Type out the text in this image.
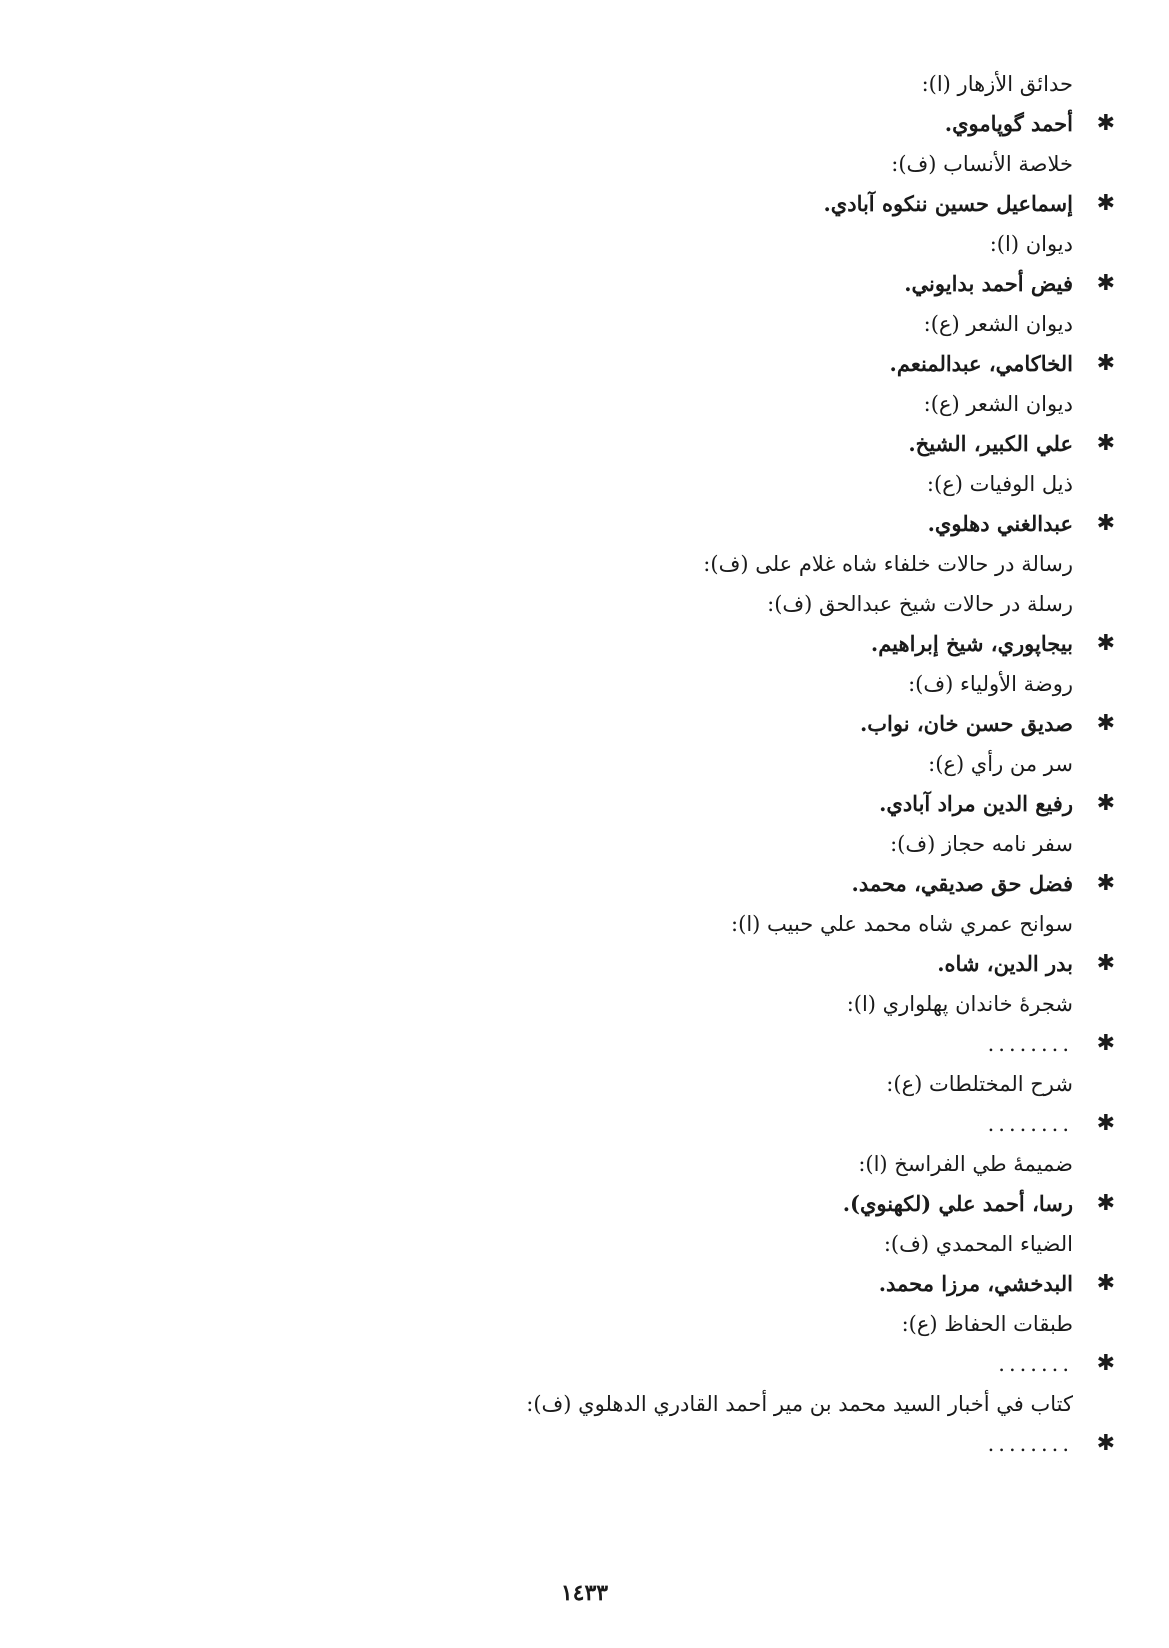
حدائق الأزهار (ا):
✱
أحمد گوپاموي.
خلاصة الأنساب (ف):
✱
إسماعيل حسين ننكوه آبادي.
ديوان (ا):
✱
فيض أحمد بدايوني.
ديوان الشعر (ع):
✱
الخاكامي، عبدالمنعم.
ديوان الشعر (ع):
✱
علي الكبير، الشيخ.
ذيل الوفيات (ع):
✱
عبدالغني دهلوي.
رسالة در حالات خلفاء شاه غلام على (ف):
رسلة در حالات شيخ عبدالحق (ف):
✱
بيجاپوري، شيخ إبراهيم.
روضة الأولياء (ف):
✱
صديق حسن خان، نواب.
سر من رأي (ع):
✱
رفيع الدين مراد آبادي.
سفر نامه حجاز (ف):
✱
فضل حق صديقي، محمد.
سوانح عمري شاه محمد علي حبيب (ا):
✱
بدر الدين، شاه.
شجرهٔ خاندان پهلواري (ا):
✱
........
شرح المختلطات (ع):
✱
........
ضميمهٔ طي الفراسخ (ا):
✱
رسا، أحمد علي (لكهنوي).
الضياء المحمدي (ف):
✱
البدخشي، مرزا محمد.
طبقات الحفاظ (ع):
✱
.......
كتاب في أخبار السيد محمد بن مير أحمد القادري الدهلوي (ف):
✱
........
١٤٣٣
